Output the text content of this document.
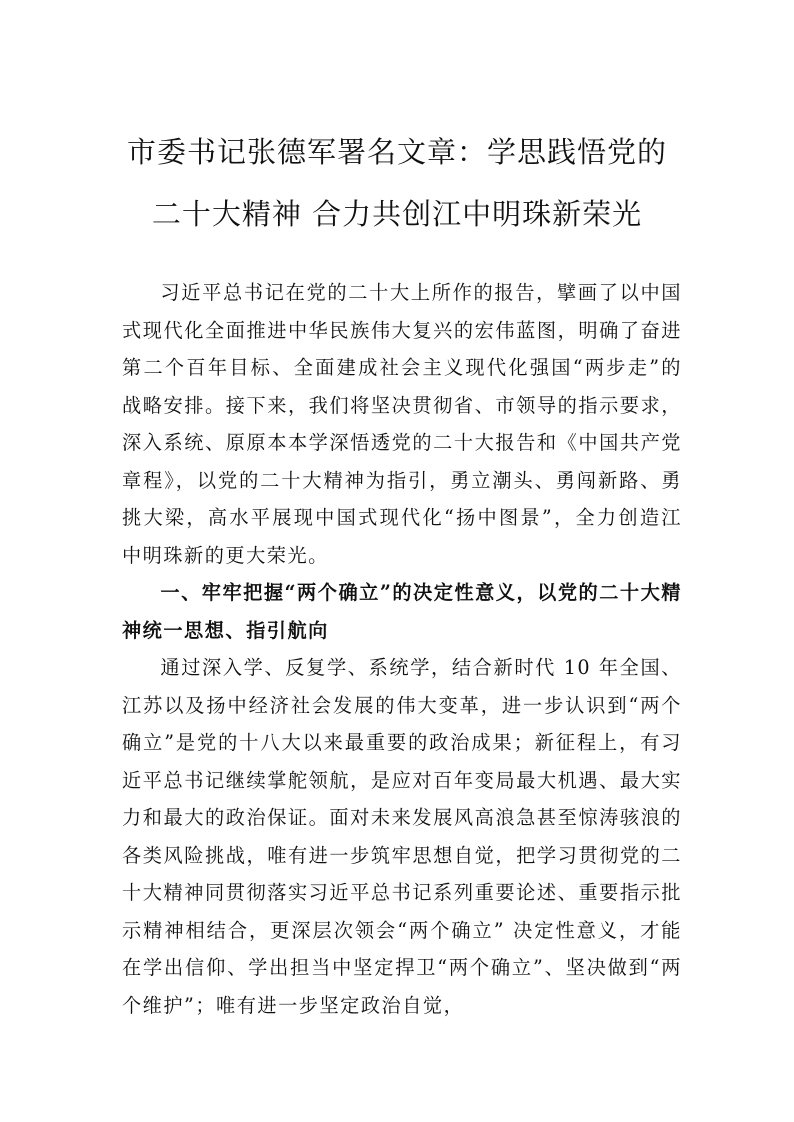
市委书记张德军署名文章：学思践悟党的
二十大精神 合力共创江中明珠新荣光

习近平总书记在党的二十大上所作的报告，擘画了以中国式现代化全面推进中华民族伟大复兴的宏伟蓝图，明确了奋进第二个百年目标、全面建成社会主义现代化强国“两步走”的战略安排。接下来，我们将坚决贯彻省、市领导的指示要求，深入系统、原原本本学深悟透党的二十大报告和《中国共产党章程》，以党的二十大精神为指引，勇立潮头、勇闯新路、勇挑大梁，高水平展现中国式现代化“扬中图景”，全力创造江中明珠新的更大荣光。

一、牢牢把握“两个确立”的决定性意义，以党的二十大精神统一思想、指引航向

通过深入学、反复学、系统学，结合新时代 10 年全国、江苏以及扬中经济社会发展的伟大变革，进一步认识到“两个确立”是党的十八大以来最重要的政治成果；新征程上，有习近平总书记继续掌舵领航，是应对百年变局最大机遇、最大实力和最大的政治保证。面对未来发展风高浪急甚至惊涛骇浪的各类风险挑战，唯有进一步筑牢思想自觉，把学习贯彻党的二十大精神同贯彻落实习近平总书记系列重要论述、重要指示批示精神相结合，更深层次领会“两个确立” 决定性意义，才能在学出信仰、学出担当中坚定捍卫“两个确立”、坚决做到“两个维护”；唯有进一步坚定政治自觉，
